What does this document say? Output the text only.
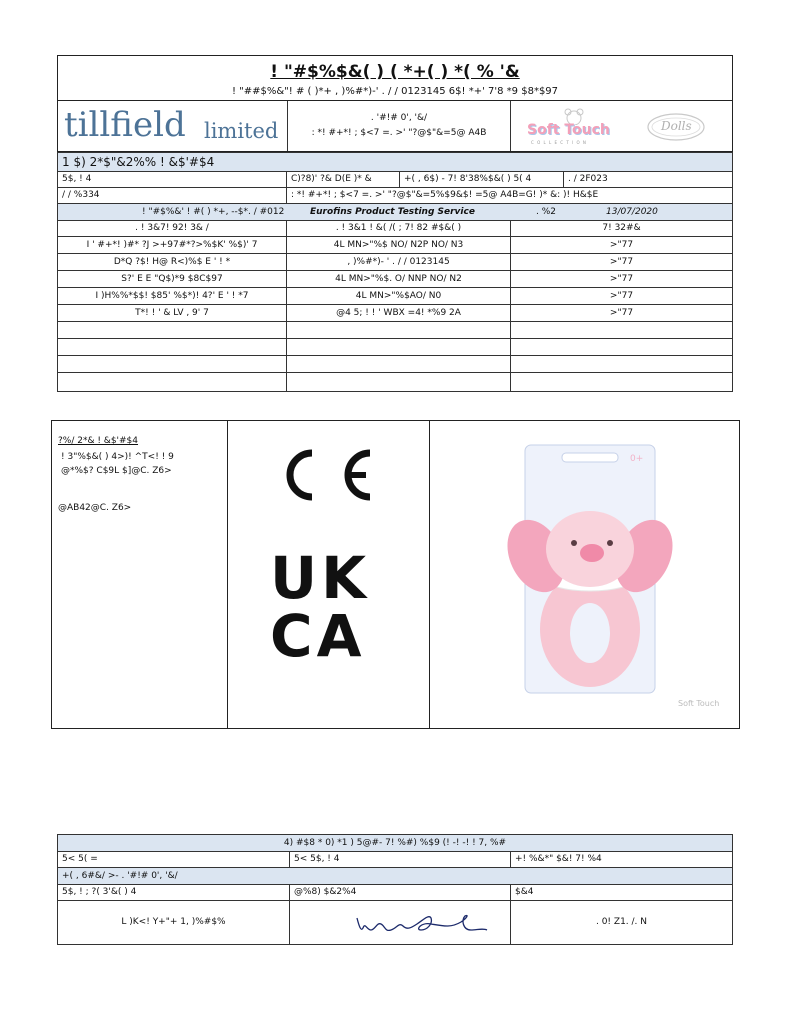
! "#$%$&( ) ( *+( ) *( % '&
! "##$%&"! # ( )*+ , )%#*)-' . / / 0123145 6$! *+' 7'8 *9 $8*$97
tillfield limited
. '#!# 0', '&/
: *! #+*! ; $<7 =. >' "?@$"&=5@ A4B	Soft Touch
C O L L E C T I O N
Dolls
1 $) 2*$"&2%% ! &$'#$4
5$, ! 4	C)?8)' ?& D(E )* &	+( , 6$) - 7! 8'38%$&( ) 5( 4	. / 2F023
/ / %334	: *! #+*! ; $<7 =. >' "?@$"&=5%$9&$! =5@ A4B=G! )* &: )! H&$E
! "#$%&' ! #( ) *+, --$*. / #012	Eurofins Product Testing Service	. %2	13/07/2020
. ! 3&7! 92! 3& /	. ! 3&1 ! &( /( ; 7! 82 #$&( )	7! 32#&
I ' #+*! )#* ?J >+97#*?>%$K' %$)' 7	4L MN>"%$ NO/ N2P NO/ N3	>"77
D*Q ?$! H@ R<)%$ E ' ! *	, )%#*)- ' . / / 0123145	>"77
S?' E E "Q$)*9 $8C$97	4L MN>"%$. O/ NNP NO/ N2	>"77
I )H%%*$$! $85' %$*)! 4?' E ' ! *7	4L MN>"%$AO/ N0	>"77
T*! ! ' & LV , 9' 7	@4 5; ! ! ' WBX =4! *%9 2A	>"77
?%/ 2*& ! &$'#$4
! 3"%$&( ) 4>)! ^T<! ! 9
@*%$? C$9L $]@C. Z6>
@AB42@C. Z6>
UK
CA
0+
Soft Touch
4) #$8 * 0) *1 ) 5@#- 7! %#) %$9 (! -! -! ! 7, %#
5< 5( =	5< 5$, ! 4	+! %&*" $&! 7! %4
+( , 6#&/ >- . '#!# 0', '&/
5$, ! ; ?( 3'&( ) 4	@%8) $&2%4	$&4
L )K<! Y+"+ 1, )%#$%	. 0! Z1. /. N
